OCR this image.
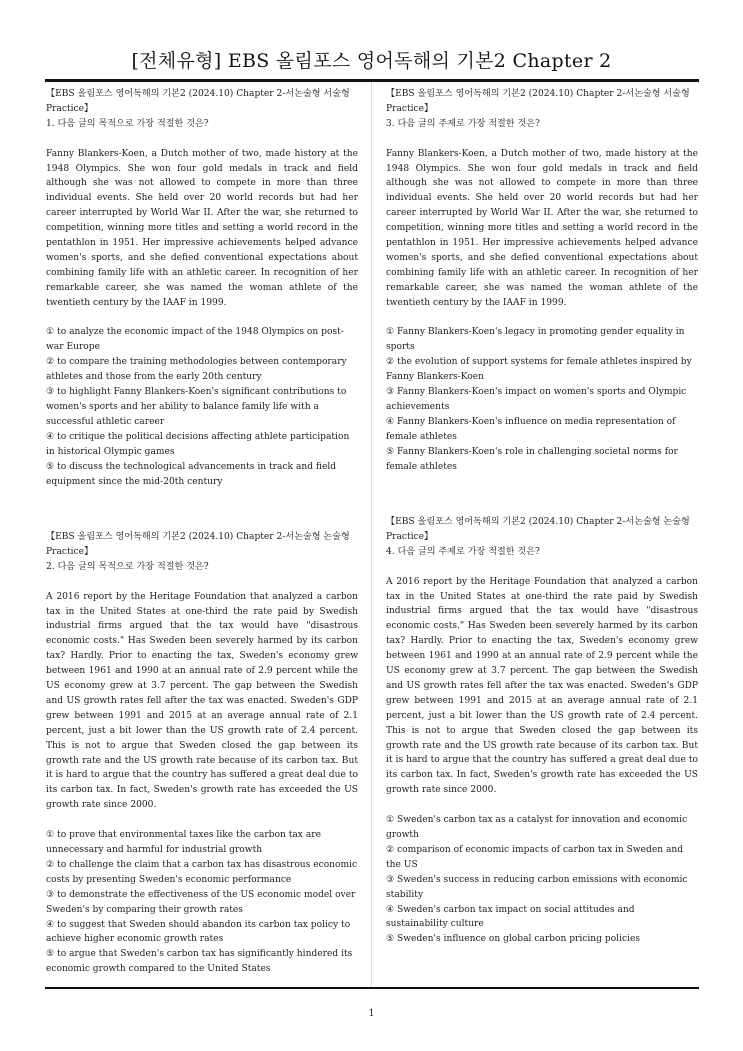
[전체유형] EBS 올림포스 영어독해의 기본2 Chapter 2
【EBS 올림포스 영어독해의 기본2 (2024.10) Chapter 2-서논술형 서술형 Practice】
1. 다음 글의 목적으로 가장 적절한 것은?
Fanny Blankers-Koen, a Dutch mother of two, made history at the 1948 Olympics. She won four gold medals in track and field although she was not allowed to compete in more than three individual events. She held over 20 world records but had her career interrupted by World War II. After the war, she returned to competition, winning more titles and setting a world record in the pentathlon in 1951. Her impressive achievements helped advance women's sports, and she defied conventional expectations about combining family life with an athletic career. In recognition of her remarkable career, she was named the woman athlete of the twentieth century by the IAAF in 1999.
① to analyze the economic impact of the 1948 Olympics on post-war Europe
② to compare the training methodologies between contemporary athletes and those from the early 20th century
③ to highlight Fanny Blankers-Koen's significant contributions to women's sports and her ability to balance family life with a successful athletic career
④ to critique the political decisions affecting athlete participation in historical Olympic games
⑤ to discuss the technological advancements in track and field equipment since the mid-20th century
【EBS 올림포스 영어독해의 기본2 (2024.10) Chapter 2-서논술형 서술형 Practice】
3. 다음 글의 주제로 가장 적절한 것은?
Fanny Blankers-Koen, a Dutch mother of two, made history at the 1948 Olympics. She won four gold medals in track and field although she was not allowed to compete in more than three individual events. She held over 20 world records but had her career interrupted by World War II. After the war, she returned to competition, winning more titles and setting a world record in the pentathlon in 1951. Her impressive achievements helped advance women's sports, and she defied conventional expectations about combining family life with an athletic career. In recognition of her remarkable career, she was named the woman athlete of the twentieth century by the IAAF in 1999.
① Fanny Blankers-Koen's legacy in promoting gender equality in sports
② the evolution of support systems for female athletes inspired by Fanny Blankers-Koen
③ Fanny Blankers-Koen's impact on women's sports and Olympic achievements
④ Fanny Blankers-Koen's influence on media representation of female athletes
⑤ Fanny Blankers-Koen's role in challenging societal norms for female athletes
【EBS 올림포스 영어독해의 기본2 (2024.10) Chapter 2-서논술형 논술형 Practice】
2. 다음 글의 목적으로 가장 적절한 것은?
A 2016 report by the Heritage Foundation that analyzed a carbon tax in the United States at one-third the rate paid by Swedish industrial firms argued that the tax would have "disastrous economic costs." Has Sweden been severely harmed by its carbon tax? Hardly. Prior to enacting the tax, Sweden's economy grew between 1961 and 1990 at an annual rate of 2.9 percent while the US economy grew at 3.7 percent. The gap between the Swedish and US growth rates fell after the tax was enacted. Sweden's GDP grew between 1991 and 2015 at an average annual rate of 2.1 percent, just a bit lower than the US growth rate of 2.4 percent. This is not to argue that Sweden closed the gap between its growth rate and the US growth rate because of its carbon tax. But it is hard to argue that the country has suffered a great deal due to its carbon tax. In fact, Sweden's growth rate has exceeded the US growth rate since 2000.
① to prove that environmental taxes like the carbon tax are unnecessary and harmful for industrial growth
② to challenge the claim that a carbon tax has disastrous economic costs by presenting Sweden's economic performance
③ to demonstrate the effectiveness of the US economic model over Sweden's by comparing their growth rates
④ to suggest that Sweden should abandon its carbon tax policy to achieve higher economic growth rates
⑤ to argue that Sweden's carbon tax has significantly hindered its economic growth compared to the United States
【EBS 올림포스 영어독해의 기본2 (2024.10) Chapter 2-서논술형 논술형 Practice】
4. 다음 글의 주제로 가장 적절한 것은?
A 2016 report by the Heritage Foundation that analyzed a carbon tax in the United States at one-third the rate paid by Swedish industrial firms argued that the tax would have "disastrous economic costs." Has Sweden been severely harmed by its carbon tax? Hardly. Prior to enacting the tax, Sweden's economy grew between 1961 and 1990 at an annual rate of 2.9 percent while the US economy grew at 3.7 percent. The gap between the Swedish and US growth rates fell after the tax was enacted. Sweden's GDP grew between 1991 and 2015 at an average annual rate of 2.1 percent, just a bit lower than the US growth rate of 2.4 percent. This is not to argue that Sweden closed the gap between its growth rate and the US growth rate because of its carbon tax. But it is hard to argue that the country has suffered a great deal due to its carbon tax. In fact, Sweden's growth rate has exceeded the US growth rate since 2000.
① Sweden's carbon tax as a catalyst for innovation and economic growth
② comparison of economic impacts of carbon tax in Sweden and the US
③ Sweden's success in reducing carbon emissions with economic stability
④ Sweden's carbon tax impact on social attitudes and sustainability culture
⑤ Sweden's influence on global carbon pricing policies
1
